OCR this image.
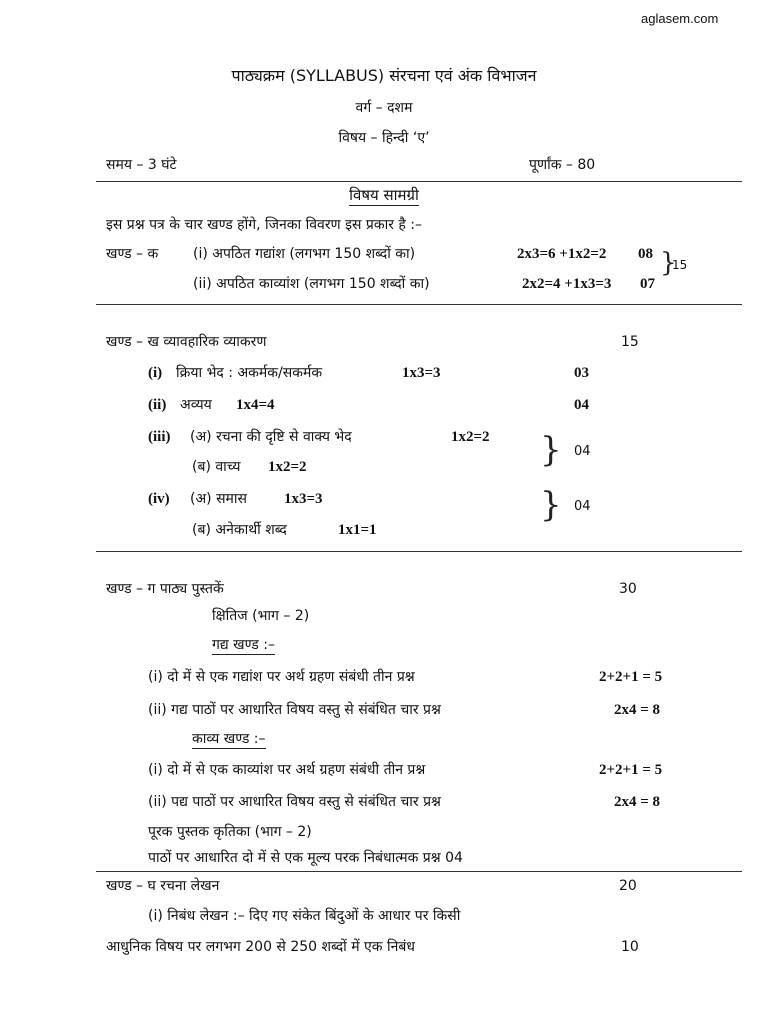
aglasem.com
पाठ्यक्रम (SYLLABUS) संरचना एवं अंक विभाजन
वर्ग – दशम
विषय – हिन्दी ‘ए’
समय – 3 घंटे	पूर्णांक – 80
विषय सामग्री
इस प्रश्न पत्र के चार खण्ड होंगे, जिनका विवरण इस प्रकार है :–
खण्ड – क (i) अपठित गद्यांश (लगभग 150 शब्दों का)	2x3=6 +1x2=2 08
(ii) अपठित काव्यांश (लगभग 150 शब्दों का)	2x2=4 +1x3=3 07
}
15
खण्ड – ख व्यावहारिक व्याकरण	15
(i) क्रिया भेद : अकर्मक/सकर्मक	1x3=3	03
(ii) अव्यय 1x4=4	04
(iii) (अ) रचना की दृष्टि से वाक्य भेद	1x2=2
(ब) वाच्य 1x2=2	} 04
(iv) (अ) समास 1x3=3
(ब) अनेकार्थी शब्द	1x1=1
} 04
खण्ड – ग पाठ्य पुस्तकें	30
क्षितिज (भाग – 2)
गद्य खण्ड :–
(i) दो में से एक गद्यांश पर अर्थ ग्रहण संबंधी तीन प्रश्न	2+2+1 = 5
(ii) गद्य पाठों पर आधारित विषय वस्तु से संबंधित चार प्रश्न	2x4 = 8
काव्य खण्ड :–
(i) दो में से एक काव्यांश पर अर्थ ग्रहण संबंधी तीन प्रश्न	2+2+1 = 5
(ii) पद्य पाठों पर आधारित विषय वस्तु से संबंधित चार प्रश्न	2x4 = 8
पूरक पुस्तक कृतिका (भाग – 2)
पाठों पर आधारित दो में से एक मूल्य परक निबंधात्मक प्रश्न 04
खण्ड – घ रचना लेखन	20
(i) निबंध लेखन :– दिए गए संकेत बिंदुओं के आधार पर किसी
आधुनिक विषय पर लगभग 200 से 250 शब्दों में एक निबंध	10
